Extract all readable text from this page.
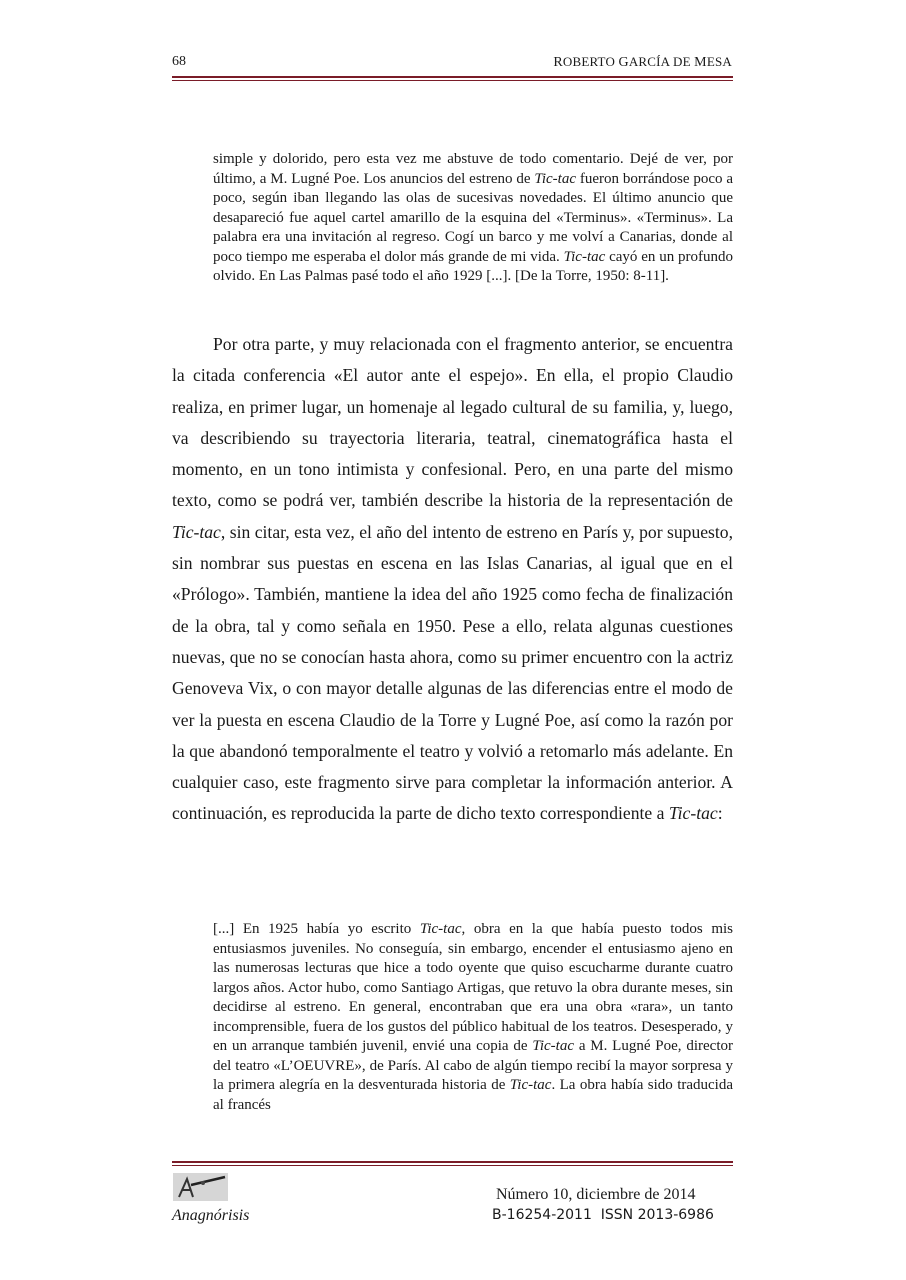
68	ROBERTO GARCÍA DE MESA

simple y dolorido, pero esta vez me abstuve de todo comentario. Dejé de ver, por último, a M. Lugné Poe. Los anuncios del estreno de Tic-tac fueron borrándose poco a poco, según iban llegando las olas de sucesivas novedades. El último anuncio que desapareció fue aquel cartel amarillo de la esquina del «Terminus». «Terminus». La palabra era una invitación al regreso. Cogí un barco y me volví a Canarias, donde al poco tiempo me esperaba el dolor más grande de mi vida. Tic-tac cayó en un profundo olvido. En Las Palmas pasé todo el año 1929 [...]. [De la Torre, 1950: 8-11].

Por otra parte, y muy relacionada con el fragmento anterior, se encuentra la citada conferencia «El autor ante el espejo». En ella, el propio Claudio realiza, en primer lugar, un homenaje al legado cultural de su familia, y, luego, va describiendo su trayectoria literaria, teatral, cinematográfica hasta el momento, en un tono intimista y confesional. Pero, en una parte del mismo texto, como se podrá ver, también describe la historia de la representación de Tic-tac, sin citar, esta vez, el año del intento de estreno en París y, por supuesto, sin nombrar sus puestas en escena en las Islas Canarias, al igual que en el «Prólogo». También, mantiene la idea del año 1925 como fecha de finalización de la obra, tal y como señala en 1950. Pese a ello, relata algunas cuestiones nuevas, que no se conocían hasta ahora, como su primer encuentro con la actriz Genoveva Vix, o con mayor detalle algunas de las diferencias entre el modo de ver la puesta en escena Claudio de la Torre y Lugné Poe, así como la razón por la que abandonó temporalmente el teatro y volvió a retomarlo más adelante. En cualquier caso, este fragmento sirve para completar la información anterior. A continuación, es reproducida la parte de dicho texto correspondiente a Tic-tac:

[...] En 1925 había yo escrito Tic-tac, obra en la que había puesto todos mis entusiasmos juveniles. No conseguía, sin embargo, encender el entusiasmo ajeno en las numerosas lecturas que hice a todo oyente que quiso escucharme durante cuatro largos años. Actor hubo, como Santiago Artigas, que retuvo la obra durante meses, sin decidirse al estreno. En general, encontraban que era una obra «rara», un tanto incomprensible, fuera de los gustos del público habitual de los teatros. Desesperado, y en un arranque también juvenil, envié una copia de Tic-tac a M. Lugné Poe, director del teatro «L’OEUVRE», de París. Al cabo de algún tiempo recibí la mayor sorpresa y la primera alegría en la desventurada historia de Tic-tac. La obra había sido traducida al francés

Anagnórisis
Número 10, diciembre de 2014
B-16254-2011  ISSN 2013-6986
